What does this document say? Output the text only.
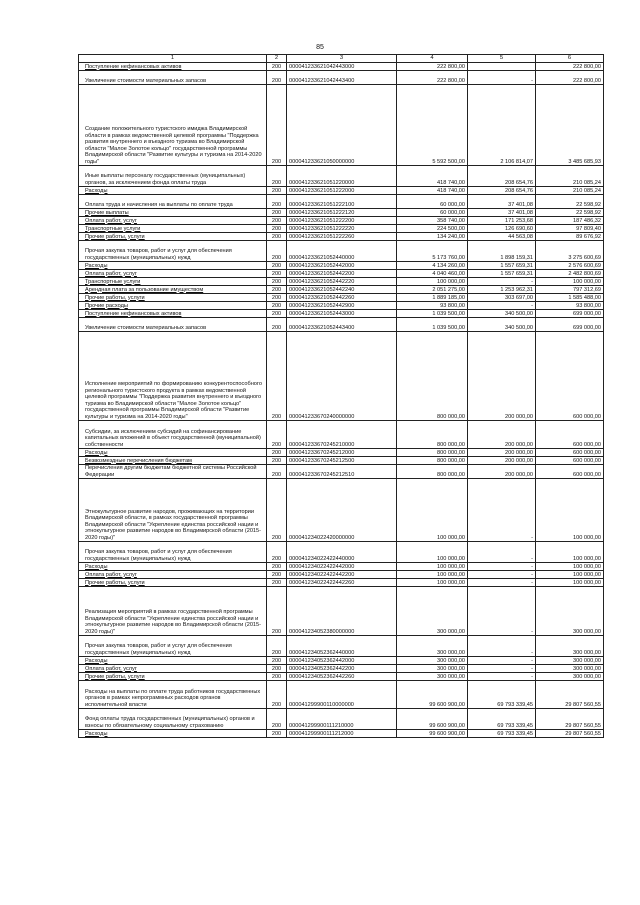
85
1	2	3	4	5	6
Поступление нефинансовых активов	200	000041233621042443000	222 800,00		222 800,00
Увеличение стоимости материальных запасов	200	000041233621042443400	222 800,00	-	222 800,00
Создание положительного туристского имиджа Владимирской области в рамках ведомственной целевой программы "Поддержка развития внутреннего и въездного туризма во Владимирской области "Малое Золотое кольцо" государственной программы Владимирской области "Развитие культуры и туризма на 2014-2020 годы"	200	000041233621050000000	5 592 500,00	2 106 814,07	3 485 685,93
Иные выплаты персоналу государственных (муниципальных) органов, за исключением фонда оплаты труда	200	000041233621051220000	418 740,00	208 654,76	210 085,24
Расходы	200	000041233621051222000	418 740,00	208 654,76	210 085,24
Оплата труда и начисления на выплаты по оплате труда	200	000041233621051222100	60 000,00	37 401,08	22 598,92
Прочие выплаты	200	000041233621051222120	60 000,00	37 401,08	22 598,92
Оплата работ, услуг	200	000041233621051222200	358 740,00	171 253,68	187 486,32
Транспортные услуги	200	000041233621051222220	224 500,00	126 690,60	97 809,40
Прочие работы, услуги	200	000041233621051222260	134 240,00	44 563,08	89 676,92
Прочая закупка товаров, работ и услуг для обеспечения государственных (муниципальных) нужд	200	000041233621052440000	5 173 760,00	1 898 159,31	3 275 600,69
Расходы	200	000041233621052442000	4 134 260,00	1 557 659,31	2 576 600,69
Оплата работ, услуг	200	000041233621052442200	4 040 460,00	1 557 659,31	2 482 800,69
Транспортные услуги	200	000041233621052442220	100 000,00	-	100 000,00
Арендная плата за пользование имуществом	200	000041233621052442240	2 051 275,00	1 253 962,31	797 312,69
Прочие работы, услуги	200	000041233621052442260	1 889 185,00	303 697,00	1 585 488,00
Прочие расходы	200	000041233621052442900	93 800,00	-	93 800,00
Поступление нефинансовых активов	200	000041233621052443000	1 039 500,00	340 500,00	699 000,00
Увеличение стоимости материальных запасов	200	000041233621052443400	1 039 500,00	340 500,00	699 000,00
Исполнение мероприятий по формированию конкурентоспособного регионального туристского продукта в рамках ведомственной целевой программы "Поддержка развития внутреннего и въездного туризма во Владимирской области "Малое Золотое кольцо" государственной программы Владимирской области "Развитие культуры и туризма на 2014-2020 годы"	200	000041233670240000000	800 000,00	200 000,00	600 000,00
Субсидии, за исключением субсидий на софинансирование капитальных вложений в объект государственной (муниципальной) собственности	200	000041233670245210000	800 000,00	200 000,00	600 000,00
Расходы	200	000041233670245212000	800 000,00	200 000,00	600 000,00
Безвозмездные перечисления бюджетам	200	000041233670245212500	800 000,00	200 000,00	600 000,00
Перечисления другим бюджетам бюджетной системы Российской Федерации	200	000041233670245212510	800 000,00	200 000,00	600 000,00
Этнокультурное развитие народов, проживающих на территории Владимирской области, в рамках государственной программы Владимирской области "Укрепление единства российской нации и этнокультурное развитие народов во Владимирской области (2015-2020 годы)"	200	000041234022420000000	100 000,00	-	100 000,00
Прочая закупка товаров, работ и услуг для обеспечения государственных (муниципальных) нужд	200	000041234022422440000	100 000,00	-	100 000,00
Расходы	200	000041234022422442000	100 000,00	-	100 000,00
Оплата работ, услуг	200	000041234022422442200	100 000,00	-	100 000,00
Прочие работы, услуги	200	000041234022422442260	100 000,00	-	100 000,00
Реализация мероприятий в рамках государственной программы Владимирской области "Укрепление единства российской нации и этнокультурное развитие народов во Владимирской области (2015-2020 годы)"	200	000041234052380000000	300 000,00	-	300 000,00
Прочая закупка товаров, работ и услуг для обеспечения государственных (муниципальных) нужд	200	000041234052362440000	300 000,00	-	300 000,00
Расходы	200	000041234052362442000	300 000,00	-	300 000,00
Оплата работ, услуг	200	000041234052362442200	300 000,00	-	300 000,00
Прочие работы, услуги	200	000041234052362442260	300 000,00	-	300 000,00
Расходы на выплаты по оплате труда работников государственных органов в рамках непрограммных расходов органов исполнительной власти	200	000041299900110000000	99 600 900,00	69 793 339,45	29 807 560,55
Фонд оплаты труда государственных (муниципальных) органов и взносы по обязательному социальному страхованию	200	000041299900111210000	99 600 900,00	69 793 339,45	29 807 560,55
Расходы	200	000041299900111212000	99 600 900,00	69 793 339,45	29 807 560,55
